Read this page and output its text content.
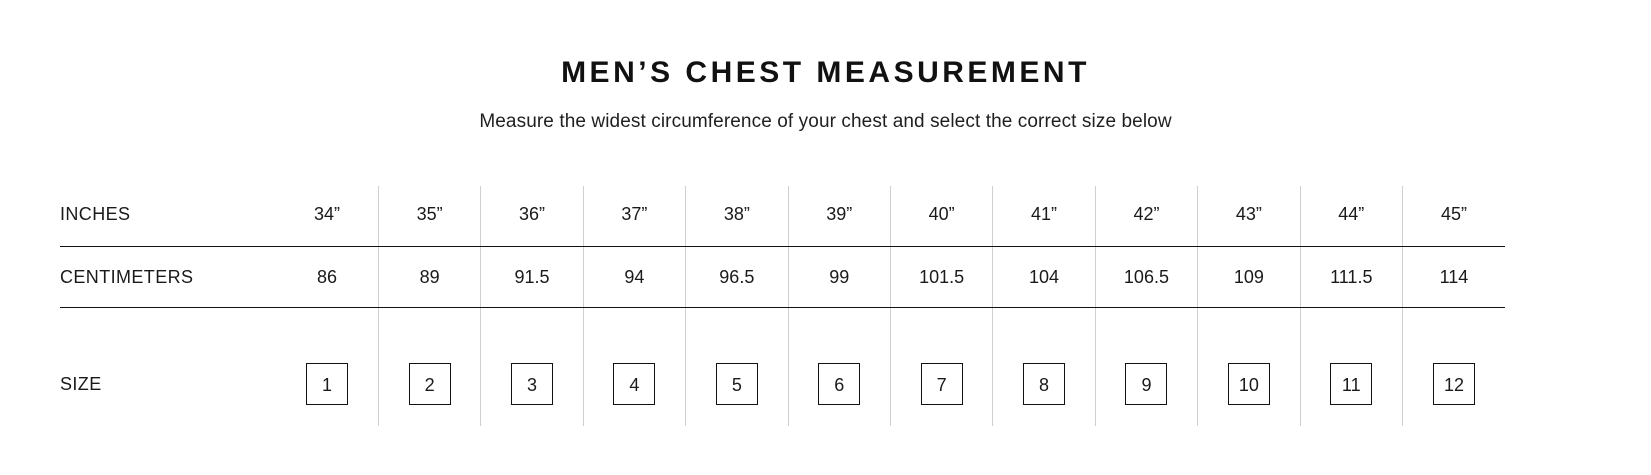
MEN’S CHEST MEASUREMENT

Measure the widest circumference of your chest and select the correct size below

INCHES	34”	35”	36”	37”	38”	39”	40”	41”	42”	43”	44”	45”
CENTIMETERS	86	89	91.5	94	96.5	99	101.5	104	106.5	109	111.5	114

SIZE	1	2	3	4	5	6	7	8	9	10	11	12
